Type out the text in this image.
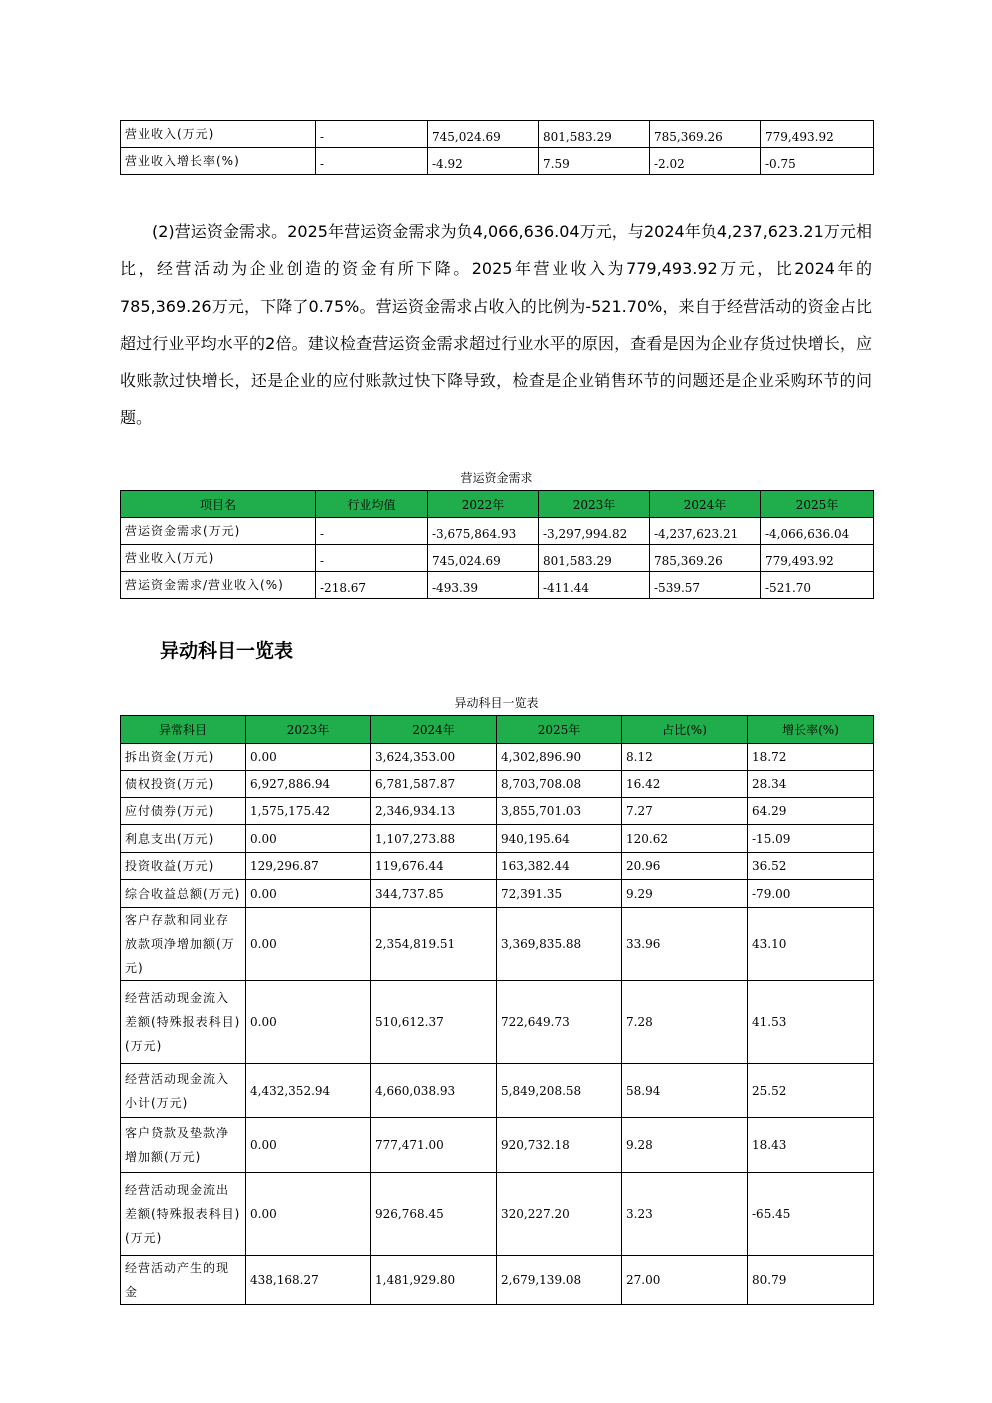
营业收入(万元)	-	745,024.69	801,583.29	785,369.26	779,493.92
营业收入增长率(%)	-	-4.92	7.59	-2.02	-0.75

(2)营运资金需求。2025年营运资金需求为负4,066,636.04万元，与2024年负4,237,623.21万元相比，经营活动为企业创造的资金有所下降。2025年营业收入为779,493.92万元，比2024年的785,369.26万元，下降了0.75%。营运资金需求占收入的比例为-521.70%，来自于经营活动的资金占比超过行业平均水平的2倍。建议检查营运资金需求超过行业水平的原因，查看是因为企业存货过快增长，应收账款过快增长，还是企业的应付账款过快下降导致，检查是企业销售环节的问题还是企业采购环节的问题。

营运资金需求
项目名	行业均值	2022年	2023年	2024年	2025年
营运资金需求(万元)	-	-3,675,864.93	-3,297,994.82	-4,237,623.21	-4,066,636.04
营业收入(万元)	-	745,024.69	801,583.29	785,369.26	779,493.92
营运资金需求/营业收入(%)	-218.67	-493.39	-411.44	-539.57	-521.70
异动科目一览表
异动科目一览表
异常科目	2023年	2024年	2025年	占比(%)	增长率(%)
拆出资金(万元)	0.00	3,624,353.00	4,302,896.90	8.12	18.72
债权投资(万元)	6,927,886.94	6,781,587.87	8,703,708.08	16.42	28.34
应付债券(万元)	1,575,175.42	2,346,934.13	3,855,701.03	7.27	64.29
利息支出(万元)	0.00	1,107,273.88	940,195.64	120.62	-15.09
投资收益(万元)	129,296.87	119,676.44	163,382.44	20.96	36.52
综合收益总额(万元)	0.00	344,737.85	72,391.35	9.29	-79.00
客户存款和同业存放款项净增加额(万元)	0.00	2,354,819.51	3,369,835.88	33.96	43.10
经营活动现金流入差额(特殊报表科目)(万元)	0.00	510,612.37	722,649.73	7.28	41.53
经营活动现金流入小计(万元)	4,432,352.94	4,660,038.93	5,849,208.58	58.94	25.52
客户贷款及垫款净增加额(万元)	0.00	777,471.00	920,732.18	9.28	18.43
经营活动现金流出差额(特殊报表科目)(万元)	0.00	926,768.45	320,227.20	3.23	-65.45
经营活动产生的现金	438,168.27	1,481,929.80	2,679,139.08	27.00	80.79
